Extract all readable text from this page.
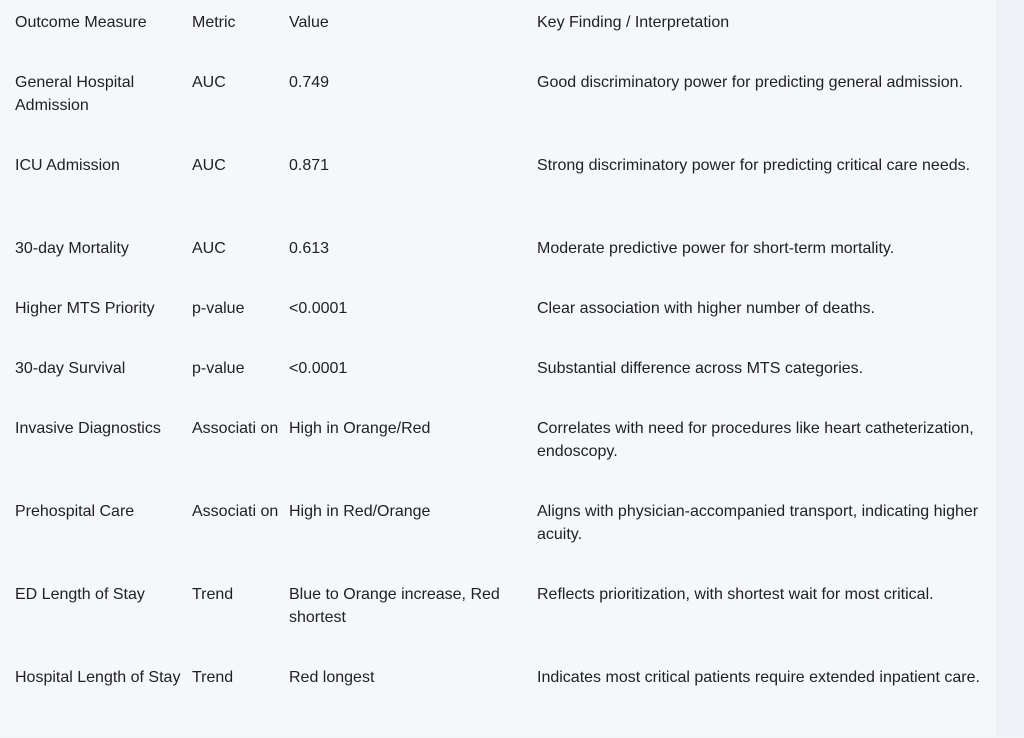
Outcome Measure	Metric	Value	Key Finding / Interpretation
General Hospital Admission	AUC	0.749	Good discriminatory power for predicting general admission.
ICU Admission	AUC	0.871	Strong discriminatory power for predicting critical care needs.
30-day Mortality	AUC	0.613	Moderate predictive power for short-term mortality.
Higher MTS Priority	p-value	<0.0001	Clear association with higher number of deaths.
30-day Survival	p-value	<0.0001	Substantial difference across MTS categories.
Invasive Diagnostics	Associati on	High in Orange/Red	Correlates with need for procedures like heart catheterization, endoscopy.
Prehospital Care	Associati on	High in Red/Orange	Aligns with physician-accompanied transport, indicating higher acuity.
ED Length of Stay	Trend	Blue to Orange increase, Red shortest	Reflects prioritization, with shortest wait for most critical.
Hospital Length of Stay	Trend	Red longest	Indicates most critical patients require extended inpatient care.
